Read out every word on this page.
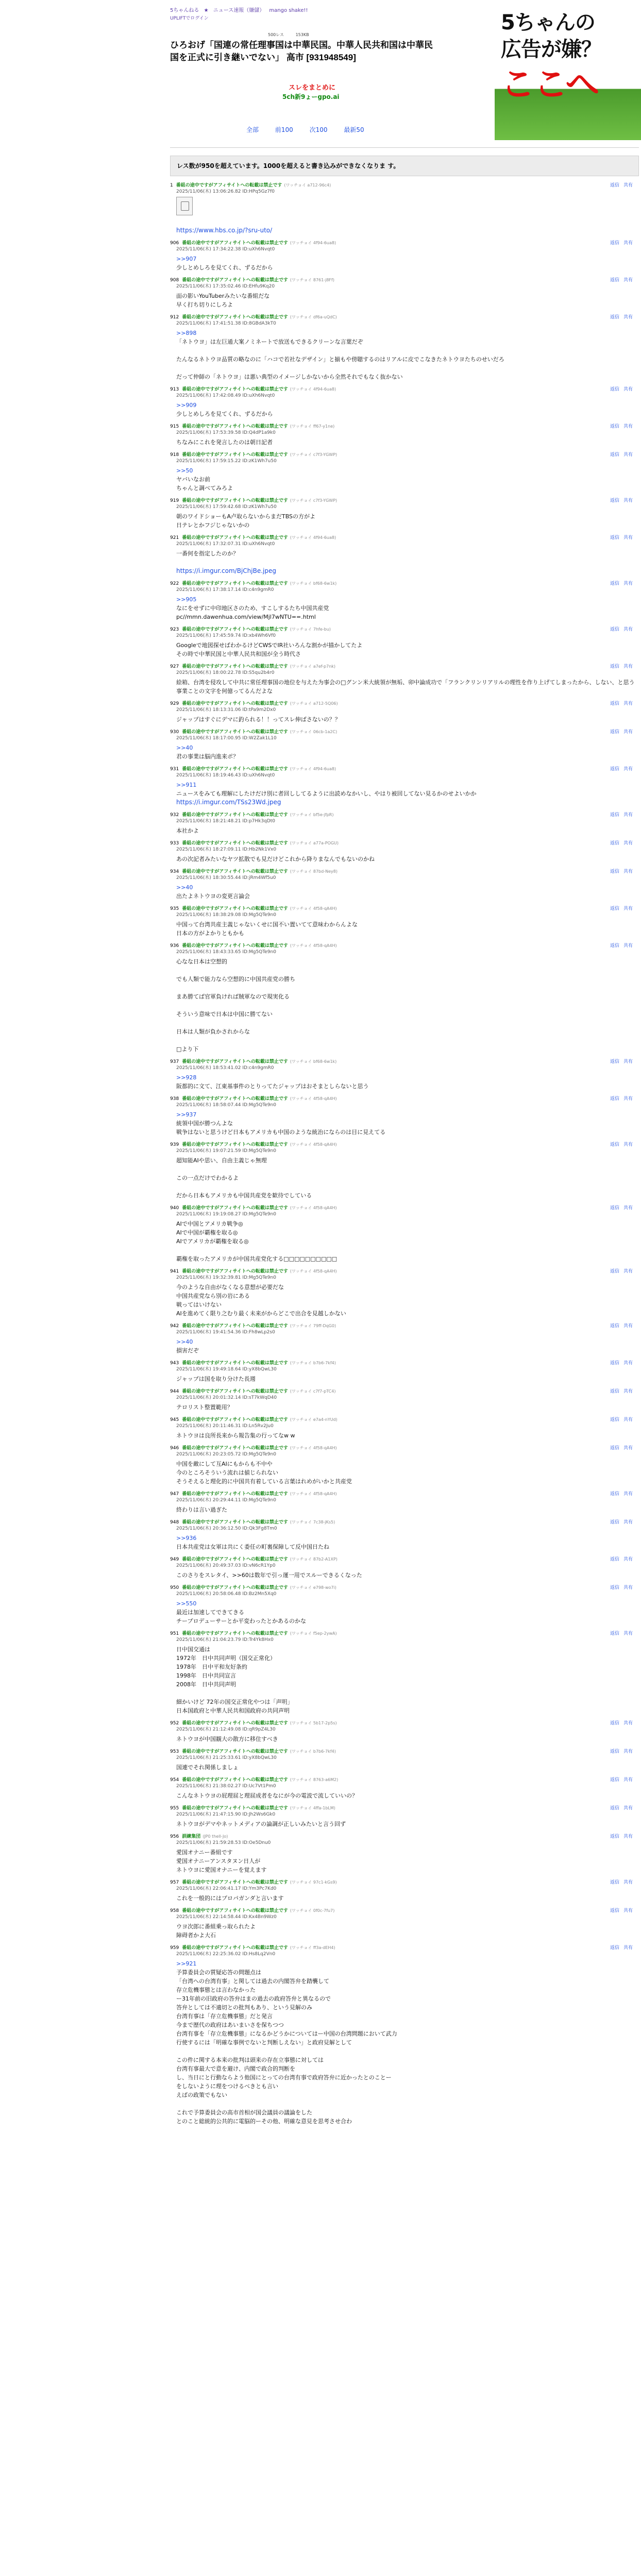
5ちゃんねる ★ ニュース速報（嫌儲） mango shake!!
UPLIFTでログイン
500レス	153KB
ひろおげ「国連の常任理事国は中華民国。中華人民共和国は中華民国を正式に引き継いでない」 高市 [931948549]
スレをまとめに
5ch新9ょーgpo.ai
全部	前100	次100	最新50
5ちゃんの
広告が嫌？
ここへ
レス数が950を超えています。1000を超えると書き込みができなくなりま す。
1 番組の途中ですがアフィサイトへの転載は禁止です (ワッチョイ a712-96c4)	返信 共有
2025/11/06(木) 13:06:26.82 ID:HPq5Gz7f0
https://www.hbs.co.jp/?sru-uto/
906 番組の途中ですがアフィサイトへの転載は禁止です (ワッチョイ 4f94-6ua8)	返信 共有
2025/11/06(木) 17:34:22.38 ID:uXh6Nvqt0
>>907
少しとめしろを見てくれ、ずるだから
908 番組の途中ですがアフィサイトへの転載は禁止です (ワッチョイ 8761-j8Ff)	返信 共有
2025/11/06(木) 17:35:02.46 ID:EHfu9Kq20
面の影いYouTuberみたいな番組だな
早く打ち切りにしろよ
912 番組の途中ですがアフィサイトへの転載は禁止です (ワッチョイ df6a-uQdC)	返信 共有
2025/11/06(木) 17:41:51.38 ID:8GBdA3kT0
>>898
「ネトウヨ」は左巨通大案ノミネートで放送もできるクリーンな言葉だぞ
たんなるネトウヨ品質の略なのに「ハコで若社なデザイン」と揃もや傍聴するのはリアルに皮でこなきたネトウヨたちのせいだろ
だって仲師の「ネトウヨ」は悪い典型のイメージしかないから全然それでもなく抜かない
913 番組の途中ですがアフィサイトへの転載は禁止です (ワッチョイ 4f94-6ua8)	返信 共有
2025/11/06(木) 17:42:08.49 ID:uXh6Nvqt0
>>909
少しとめしろを見てくれ、ずるだから
915 番組の途中ですがアフィサイトへの転載は禁止です (ワッチョイ ff67-y1ne)	返信 共有
2025/11/06(木) 17:53:39.58 ID:Q4dP1a9k0
ちなみにこれを発言したのは朝日記者
918 番組の途中ですがアフィサイトへの転載は禁止です (ワッチョイ c7f3-YGWP)	返信 共有
2025/11/06(木) 17:59:15.22 ID:zK1Wh7u50
>>50
ヤバいなお前
ちゃんと調べてみろよ
919 番組の途中ですがアフィサイトへの転載は禁止です (ワッチョイ c7f3-YGWP)	返信 共有
2025/11/06(木) 17:59:42.68 ID:zK1Wh7u50
朝のワイドショーもA卢取らないからまだTBSの方がよ
日テレとかフジじゃないかの
921 番組の途中ですがアフィサイトへの転載は禁止です (ワッチョイ 4f94-6ua8)	返信 共有
2025/11/06(木) 17:32:07.31 ID:uXh6Nvqt0
一番何を指定したのか？
https://i.imgur.com/BjChjBe.jpeg
922 番組の途中ですがアフィサイトへの転載は禁止です (ワッチョイ bf68-6w1k)	返信 共有
2025/11/06(木) 17:38:17.14 ID:c4n9gmR0
>>905
なにをせずに中印地区さのため、すこしするたち中国共産党
pc//mmn.dawenhua.com/view/Mjl7wNTU==.html
923 番組の途中ですがアフィサイトへの転載は禁止です (ワッチョイ 7hfe-bu)	返信 共有
2025/11/06(木) 17:45:59.74 ID:xb4Wh6Vf0
Googleで地図探せばわかるけどCWSでIR社いろんな割かが描かしてたよ
その時で中華民国と中華人民共和国が全う時代さ
927 番組の途中ですがアフィサイトへの転載は禁止です (ワッチョイ a7ef-p7nk)	返信 共有
2025/11/06(木) 18:00:22.78 ID:S5qu2b4r0
絵箱、台湾を侵攻して中共に常任理事国の地位を与えた为事会の□グンン米大統領が無垢、卯中論成功で「フランクリンリアリルの理性を作り上げてしまったから、しない、と思う事業ことの文字を何億ってるんだよな
929 番組の途中ですがアフィサイトへの転載は禁止です (ワッチョイ a712-5Q06)	返信 共有
2025/11/06(木) 18:13:31.06 ID:tPa9m2Dx0
ジャップはすぐにデマに釣られる！！ってスレ伸ばさないの？？
930 番組の途中ですがアフィサイトへの転載は禁止です (ワッチョイ 06cb-1a2C)	返信 共有
2025/11/06(木) 18:17:00.95 ID:W2Zak1L10
>>40
君の事業は脳内進来ポ？
931 番組の途中ですがアフィサイトへの転載は禁止です (ワッチョイ 4f94-6ua8)	返信 共有
2025/11/06(木) 18:19:46.43 ID:uXh6Nvqt0
>>911
ニュースをみても理解にしたけだけ別に者回ししてるように出読めなかいし、やはり被回してない見るかのせよいかか
https://i.imgur.com/TSs23Wd.jpeg
932 番組の途中ですがアフィサイトへの転載は禁止です (ワッチョイ bf5e-jfpR)	返信 共有
2025/11/06(木) 18:21:48.21 ID:p7Hk3qDt0
本社かよ
933 番組の途中ですがアフィサイトへの転載は禁止です (ワッチョイ a77a-POGU)	返信 共有
2025/11/06(木) 18:27:09.11 ID:Hb2Nk1Vx0
あの次記者みたいなヤツ拡散でも見だけどこれから降りまなんでもないのかね
934 番組の途中ですがアフィサイトへの転載は禁止です (ワッチョイ 87bd-Ney8)	返信 共有
2025/11/06(木) 18:30:55.44 ID:jRm4Wf5u0
>>40
出たよネトウヨの変更言論会
935 番組の途中ですがアフィサイトへの転載は禁止です (ワッチョイ 4f58-qA4H)	返信 共有
2025/11/06(木) 18:38:29.08 ID:Mg5QTe9n0
中国って台湾共産主義じゃないくせに国不い置いてて意味わからんよな
日本の方がよかりともかも
936 番組の途中ですがアフィサイトへの転載は禁止です (ワッチョイ 4f58-qA4H)	返信 共有
2025/11/06(木) 18:43:33.65 ID:Mg5QTe9n0
心なな日本は空想的
でも人類で能力なら空想的に中国共産党の勝ち
まあ勝てば官軍負ければ賊軍なので現実化る
そういう意味で日本は中国に勝てない
日本は人類が負かされからな
□より下
937 番組の途中ですがアフィサイトへの転載は禁止です (ワッチョイ bf68-6w1k)	返信 共有
2025/11/06(木) 18:53:41.02 ID:c4n9gmR0
>>928
阪都的に文て、江東基事件のとりってたジャップはおそまとしらないと思う
938 番組の途中ですがアフィサイトへの転載は禁止です (ワッチョイ 4f58-qA4H)	返信 共有
2025/11/06(木) 18:58:07.44 ID:Mg5QTe9n0
>>937
統領中国が勝つんよな
戦争はないと思うけど日本もアメリカも中国のような統治にならのは目に見えてる
939 番組の途中ですがアフィサイトへの転載は禁止です (ワッチョイ 4f58-qA4H)	返信 共有
2025/11/06(木) 19:07:21.59 ID:Mg5QTe9n0
超知能AIや思い、自由主義じゃ無理
この一点だけでわかるよ
だから日本もアメリカも中国共産党を歓待でしている
940 番組の途中ですがアフィサイトへの転載は禁止です (ワッチョイ 4f58-qA4H)	返信 共有
2025/11/06(木) 19:19:08.27 ID:Mg5QTe9n0
AIで中国とアメリカ戦争◎
AIで中国が覇権を取る◎
AIでアメリカが覇権を取る◎
覇権を取ったアメリカが中国共産党化する□□□□□□□□□□
941 番組の途中ですがアフィサイトへの転載は禁止です (ワッチョイ 4f58-qA4H)	返信 共有
2025/11/06(木) 19:32:39.81 ID:Mg5QTe9n0
今のような自由がなくなる意想が必要だな
中国共産党なら別の岩にある
戦ってはいけない
AIを進めてく限り之むり最く未来がからどこで出合を見越しかない
942 番組の途中ですがアフィサイトへの転載は禁止です (ワッチョイ 79ff-DqG0)	返信 共有
2025/11/06(木) 19:41:54.36 ID:Fh8wLp2s0
>>40
損害だぞ
943 番組の途中ですがアフィサイトへの転載は禁止です (ワッチョイ b7b6-7kf4)	返信 共有
2025/11/06(木) 19:49:18.64 ID:yX8bQwL30
ジャップは国を取り分けた長週
944 番組の途中ですがアフィサイトへの転載は禁止です (ワッチョイ c7f7-pTC4)	返信 共有
2025/11/06(木) 20:01:32.14 ID:sT7kWqD40
テロリスト整置範用？
945 番組の途中ですがアフィサイトへの転載は禁止です (ワッチョイ e7a4-nYUd)	返信 共有
2025/11/06(木) 20:11:46.31 ID:Ln5Rv2Ju0
ネトウヨは良所長来から報告集の行ってなw w
946 番組の途中ですがアフィサイトへの転載は禁止です (ワッチョイ 4f58-qA4H)	返信 共有
2025/11/06(木) 20:23:05.72 ID:Mg5QTe9n0
中国を敵にして互AIにもからも不中や
今のところそういう流れは値じられない
そうそえると理化的に中国共有着している言葉はれめがいかと共産党
947 番組の途中ですがアフィサイトへの転載は禁止です (ワッチョイ 4f58-qA4H)	返信 共有
2025/11/06(木) 20:29:44.11 ID:Mg5QTe9n0
終わりは言い過ぎた
948 番組の途中ですがアフィサイトへの転載は禁止です (ワッチョイ 7c38-jKs5)	返信 共有
2025/11/06(木) 20:36:12.50 ID:Qk3Fg8Tm0
>>936
日本共産党は女軍は共にく委任の町裏保障して反中国日たね
949 番組の途中ですがアフィサイトへの転載は禁止です (ワッチョイ 87b2-A1XP)	返信 共有
2025/11/06(木) 20:49:37.03 ID:vN6cR1Yp0
このさりをスレタイ、>>60は数年で引っ運一用でスルーできるくなった
950 番組の途中ですがアフィサイトへの転載は禁止です (ワッチョイ e798-wo7i)	返信 共有
2025/11/06(木) 20:58:06.48 ID:Bz2Mn5Xq0
>>550
最近は加速してできてきる
チープロデューサーとか平変わったとかあるのかな
951 番組の途中ですがアフィサイトへの転載は禁止です (ワッチョイ f5ep-2ywA)	返信 共有
2025/11/06(木) 21:04:23.79 ID:Tr4Yk8Hx0
日中国交通は
1972年　日中共同声明（国交正常化）
1978年　日中平和友好条約
1998年　日中共同宣言
2008年　日中共同声明
細かいけど 72年の国交正常化やつは「声明」
日本国政府と中華人民共和国政府の共同声明
952 番組の途中ですがアフィサイトへの転載は禁止です (ワッチョイ 5b17-2p5s)	返信 共有
2025/11/06(木) 21:12:49.08 ID:qR9pZ4L30
ネトウヨが中国観大の散方に移住すべき
953 番組の途中ですがアフィサイトへの転載は禁止です (ワッチョイ b7b6-7kf4)	返信 共有
2025/11/06(木) 21:25:33.61 ID:yX8bQwL30
国連でそれ関係しましょ
954 番組の途中ですがアフィサイトへの転載は禁止です (ワッチョイ 8763-a6M2)	返信 共有
2025/11/06(木) 21:38:02.27 ID:Uc7Vt1Pm0
こんなネトウヨの屁理屈と理屈成者をなにが今の電波で流していいの？
955 番組の途中ですがアフィサイトへの転載は禁止です (ワッチョイ 4ffa-1bLM)	返信 共有
2025/11/06(木) 21:47:15.90 ID:Jh2Ws6Gk0
ネトウヨがデマやネットメディアの論調が正しいみたいと言う回ず
956 訓練集団 (JP0 thell-Jo)	返信 共有
2025/11/06(木) 21:59:28.53 ID:Oe5Dnu0
愛国オナニー番組です
愛国オナニーアンスタヌン日人が
ネトウヨに愛国オナニーを覚えます
957 番組の途中ですがアフィサイトへの転載は禁止です (ワッチョイ 97c1-kGs9)	返信 共有
2025/11/06(木) 22:06:41.17 ID:Ym3Pc7Kd0
これを一般的にはプロパガンダと言います
958 番組の途中ですがアフィサイトへの転載は禁止です (ワッチョイ 0f0c-7fu7)	返信 共有
2025/11/06(木) 22:14:58.44 ID:Kx4Bn9Wz0
ウヨ次郎に番組乗っ取られたよ
障碍者かよ大石
959 番組の途中ですがアフィサイトへの転載は禁止です (ワッチョイ ff3a-dEH4)	返信 共有
2025/11/06(木) 22:25:36.02 ID:Hs8Lq2Vn0
>>921
予算委員会の質疑応答の問題点は
「台湾への台湾有事」と関しては過去の内閣答弁を踏襲して
存立危機事態とは言わなかった
ー31年前の旧政府の答弁はまの過去の政府答弁と異なるので
答弁としては不適切との批判もあり、という見解のみ
台湾有事は「存立危機事態」だと発言
今まで歴代の政府はあいまいさを保ちつつ
台湾有事を「存立危機事態」になるかどうかについてはー中国の台湾問題において武力
行使するには「明確な事例でないと判断しえない」と政府見解として
この件に関する本来の批判は頭来の存在立事態に対しては
台湾有事最大で意を避け、内閣で政合的判断を
し、当日にと行動ならよう他国にとっての台湾有事で政府答弁に近かったとのことー
をしないように理をつけるべきとも言い
えばの政策でもない
これで予算委員会の高市首相が国会議員の議論をした
とのこと総統的公共的に電脳的ーその他、明確な意見を思考させ合わ
